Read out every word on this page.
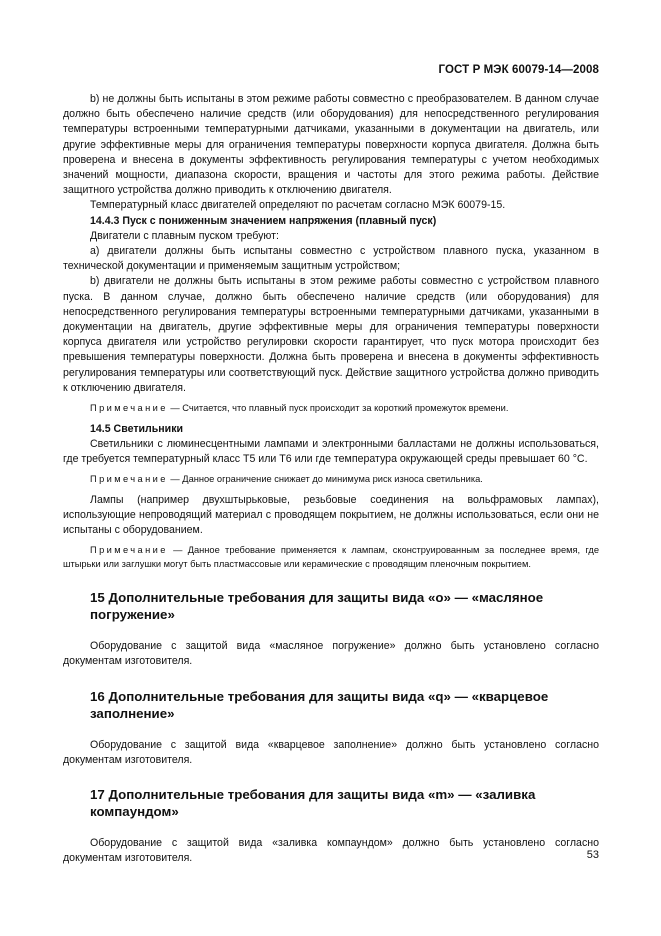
ГОСТ Р МЭК 60079-14—2008

b) не должны быть испытаны в этом режиме работы совместно с преобразователем. В данном случае должно быть обеспечено наличие средств (или оборудования) для непосредственного регулирования температуры встроенными температурными датчиками, указанными в документации на двигатель, или другие эффективные меры для ограничения температуры поверхности корпуса двигателя. Должна быть проверена и внесена в документы эффективность регулирования температуры с учетом необходимых значений мощности, диапазона скорости, вращения и частоты для этого режима работы. Действие защитного устройства должно приводить к отключению двигателя.

Температурный класс двигателей определяют по расчетам согласно МЭК 60079-15.

14.4.3 Пуск с пониженным значением напряжения (плавный пуск)

Двигатели с плавным пуском требуют:

a) двигатели должны быть испытаны совместно с устройством плавного пуска, указанном в технической документации и применяемым защитным устройством;

b) двигатели не должны быть испытаны в этом режиме работы совместно с устройством плавного пуска. В данном случае, должно быть обеспечено наличие средств (или оборудования) для непосредственного регулирования температуры встроенными температурными датчиками, указанными в документации на двигатель, другие эффективные меры для ограничения температуры поверхности корпуса двигателя или устройство регулировки скорости гарантирует, что пуск мотора происходит без превышения температуры поверхности. Должна быть проверена и внесена в документы эффективность регулирования температуры или соответствующий пуск. Действие защитного устройства должно приводить к отключению двигателя.

Примечание — Считается, что плавный пуск происходит за короткий промежуток времени.
14.5 Светильники

Светильники с люминесцентными лампами и электронными балластами не должны использоваться, где требуется температурный класс Т5 или Т6 или где температура окружающей среды превышает 60 °С.

Примечание — Данное ограничение снижает до минимума риск износа светильника.

Лампы (например двухштырьковые, резьбовые соединения на вольфрамовых лампах), использующие непроводящий материал с проводящем покрытием, не должны использоваться, если они не испытаны с оборудованием.

Примечание — Данное требование применяется к лампам, сконструированным за последнее время, где штырьки или заглушки могут быть пластмассовые или керамические с проводящим пленочным покрытием.
15 Дополнительные требования для защиты вида «о» — «масляное погружение»

Оборудование с защитой вида «масляное погружение» должно быть установлено согласно документам изготовителя.

16 Дополнительные требования для защиты вида «q» — «кварцевое заполнение»

Оборудование с защитой вида «кварцевое заполнение» должно быть установлено согласно документам изготовителя.

17 Дополнительные требования для защиты вида «m» — «заливка компаундом»

Оборудование с защитой вида «заливка компаундом» должно быть установлено согласно документам изготовителя.	53
